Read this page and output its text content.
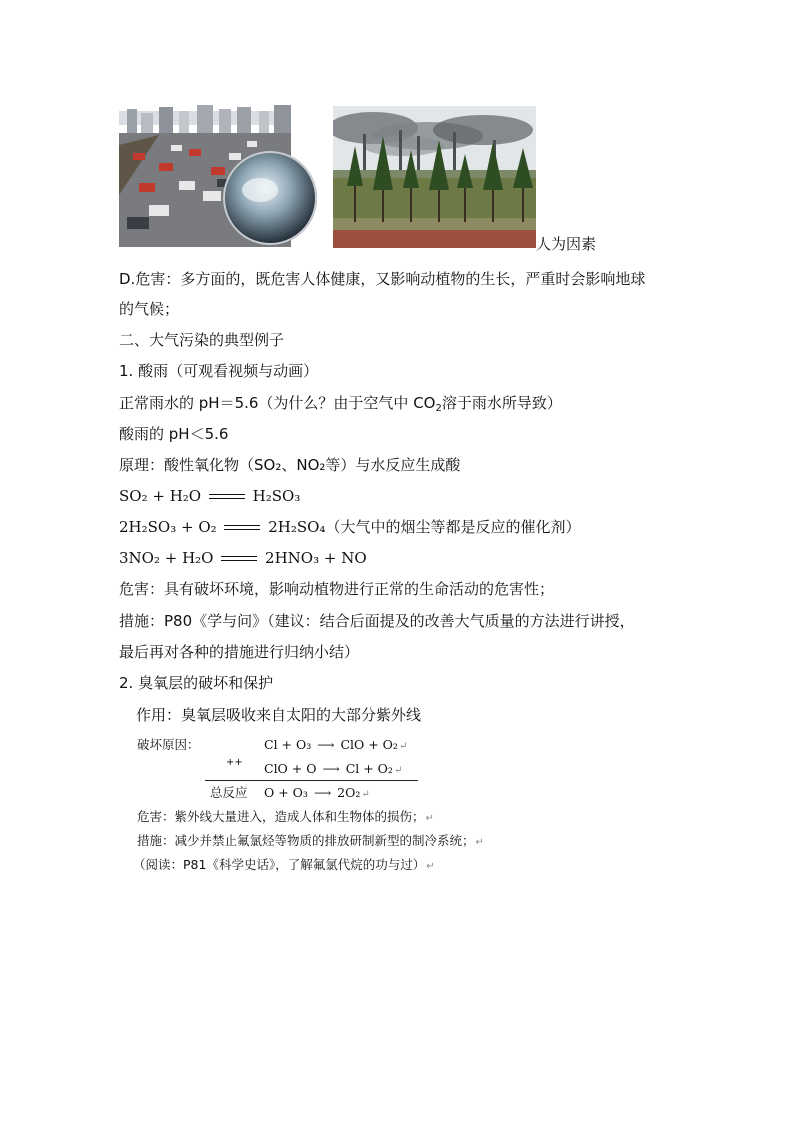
人为因素
D.危害：多方面的，既危害人体健康，又影响动植物的生长，严重时会影响地球
的气候；
二、大气污染的典型例子
1. 酸雨（可观看视频与动画）
正常雨水的 pH＝5.6（为什么？由于空气中 $CO_2$溶于雨水所导致）
酸雨的 pH＜5.6
原理：酸性氧化物（SO₂、NO₂等）与水反应生成酸
SO₂ + H₂O	H₂SO₃
2H₂SO₃ + O₂	2H₂SO₄（大气中的烟尘等都是反应的催化剂）
3NO₂ + H₂O	2HNO₃ + NO
危害：具有破坏环境，影响动植物进行正常的生命活动的危害性；
措施：P80《学与问》（建议：结合后面提及的改善大气质量的方法进行讲授，
最后再对各种的措施进行归纳小结）
2. 臭氧层的破坏和保护
作用：臭氧层吸收来自太阳的大部分紫外线
破坏原因：	Cl + O₃ ⟶ ClO + O₂↵
++ ClO + O ⟶ Cl + O₂↵
总反应 O + O₃ ⟶ 2O₂↵
危害：紫外线大量进入，造成人体和生物体的损伤；↵
措施：减少并禁止氟氯烃等物质的排放研制新型的制冷系统；↵
（阅读：P81《科学史话》，了解氟氯代烷的功与过）↵
